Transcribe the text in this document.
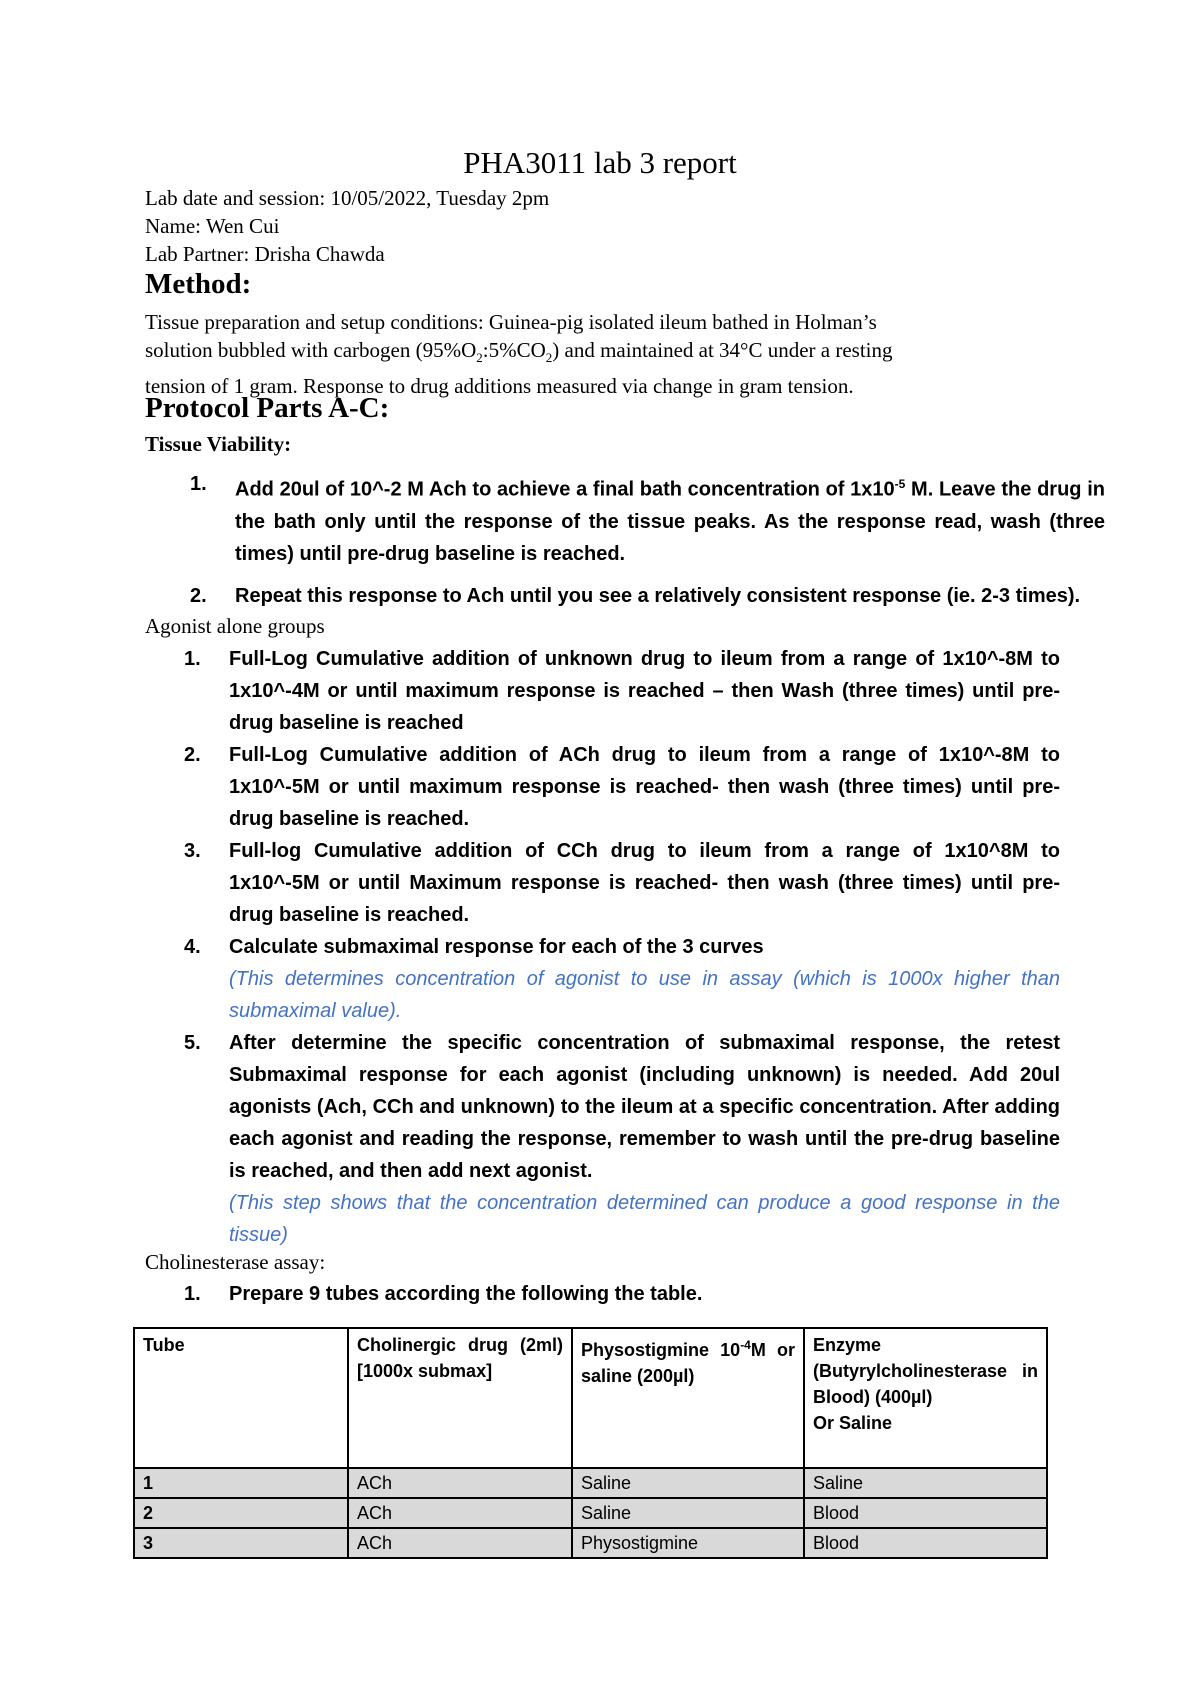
PHA3011 lab 3 report
Lab date and session: 10/05/2022, Tuesday 2pm
Name: Wen Cui
Lab Partner: Drisha Chawda
Method:
Tissue preparation and setup conditions: Guinea-pig isolated ileum bathed in Holman’s
solution bubbled with carbogen $(95\%O_2:5\%CO_2)$ and maintained at 34°C under a resting
tension of 1 gram. Response to drug additions measured via change in gram tension.
Protocol Parts A-C:
Tissue Viability:
1. Add 20ul of 10^-2 M Ach to achieve a final bath concentration of $1x10^{-5}$ M. Leave the drug in the bath only until the response of the tissue peaks. As the response read, wash (three times) until pre-drug baseline is reached.
2. Repeat this response to Ach until you see a relatively consistent response (ie. 2-3 times).
Agonist alone groups
1. Full-Log Cumulative addition of unknown drug to ileum from a range of 1x10^-8M to 1x10^-4M or until maximum response is reached – then Wash (three times) until pre-drug baseline is reached
2. Full-Log Cumulative addition of ACh drug to ileum from a range of 1x10^-8M to 1x10^-5M or until maximum response is reached- then wash (three times) until pre-drug baseline is reached.
3. Full-log Cumulative addition of CCh drug to ileum from a range of 1x10^8M to 1x10^-5M or until Maximum response is reached- then wash (three times) until pre-drug baseline is reached.
4. Calculate submaximal response for each of the 3 curves
(This determines concentration of agonist to use in assay (which is 1000x higher than submaximal value).
5. After determine the specific concentration of submaximal response, the retest Submaximal response for each agonist (including unknown) is needed. Add 20ul agonists (Ach, CCh and unknown) to the ileum at a specific concentration. After adding each agonist and reading the response, remember to wash until the pre-drug baseline is reached, and then add next agonist.
(This step shows that the concentration determined can produce a good response in the tissue)
Cholinesterase assay:
1. Prepare 9 tubes according the following the table.
Tube	Cholinergic drug (2ml) [1000x submax]	Physostigmine $10^{-4}M$ or saline (200µl)	Enzyme (Butyrylcholinesterase in Blood) (400µl)
Or Saline
1	ACh	Saline	Saline
2	ACh	Saline	Blood
3	ACh	Physostigmine	Blood
